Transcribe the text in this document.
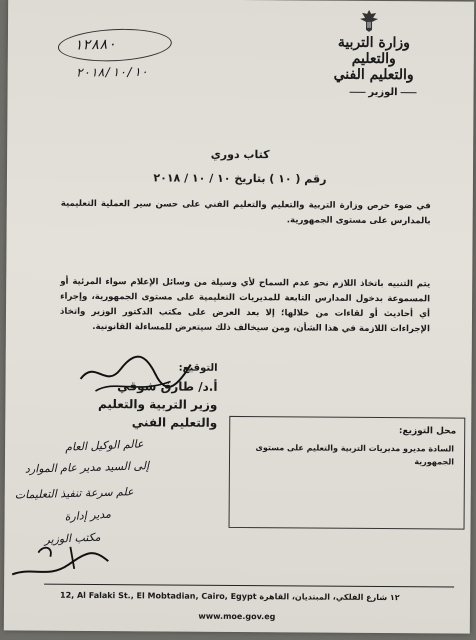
وزارة التربية والتعليم
والتعليم الفني
الوزير
١٢٨٨٠
٢٠١٨/١٠/١٠
كتاب دوري
رقم ( ١٠ ) بتاريخ ١٠ / ١٠ / ٢٠١٨
في ضوء حرص وزارة التربية والتعليم والتعليم الفني على حسن سير العملية التعليمية بالمدارس على مستوى الجمهورية.
يتم التنبيه باتخاذ اللازم نحو عدم السماح لأي وسيلة من وسائل الإعلام سواء المرئية أو المسموعة بدخول المدارس التابعة للمديريات التعليمية على مستوى الجمهورية، وإجراء أي أحاديث أو لقاءات من خلالها؛ إلا بعد العرض على مكتب الدكتور الوزير واتخاذ الإجراءات اللازمة في هذا الشأن، ومن سيخالف ذلك سيتعرض للمساءلة القانونية.
التوقيع:
أ.د/ طارق شوقي
وزير التربية والتعليم
والتعليم الفني
محل التوزيع:
السادة مديرو مديريات التربية والتعليم على مستوى الجمهورية
عالم الوكيل العام
إلى السيد مدير عام الموارد
علم سرعة تنفيذ التعليمات
مدير إدارة
مكتب الوزير
12, Al Falaki St., El Mobtadian, Cairo, Egypt ١٢ شارع الفلكي، المبتديان، القاهرة
www.moe.gov.eg
